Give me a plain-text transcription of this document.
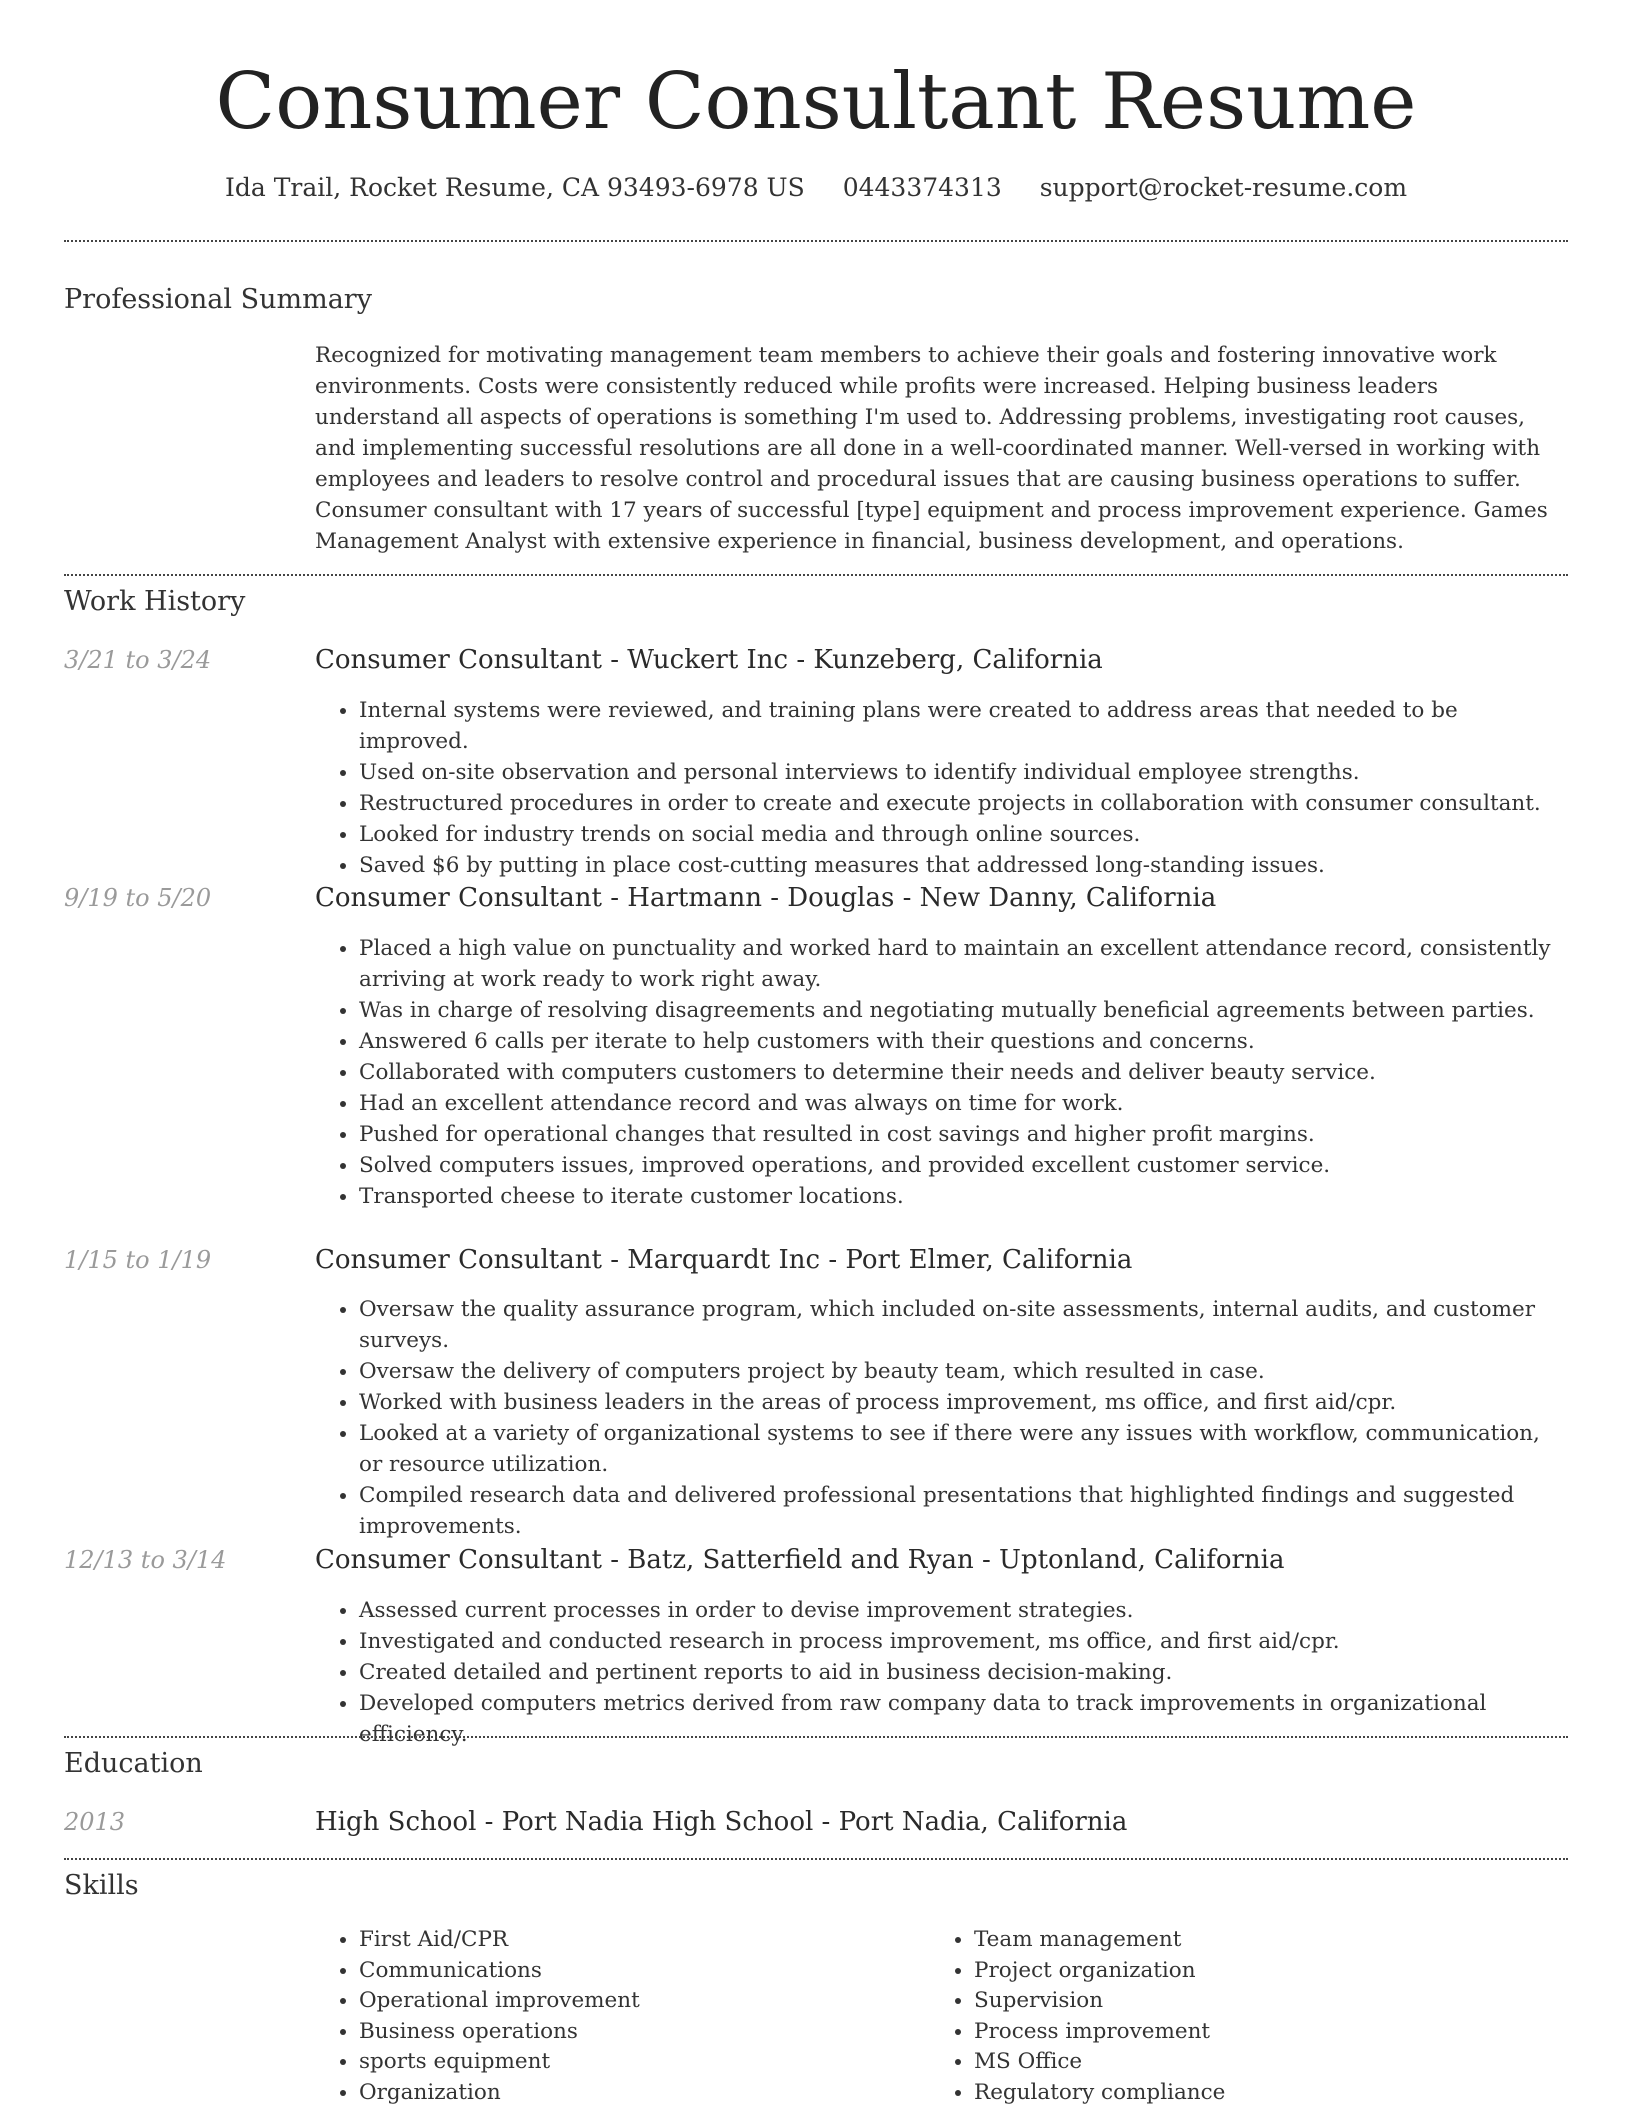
Consumer Consultant Resume
Ida Trail, Rocket Resume, CA 93493-6978 US 0443374313 support@rocket-resume.com
Professional Summary

Recognized for motivating management team members to achieve their goals and fostering innovative work environments. Costs were consistently reduced while profits were increased. Helping business leaders understand all aspects of operations is something I'm used to. Addressing problems, investigating root causes, and implementing successful resolutions are all done in a well-coordinated manner. Well-versed in working with employees and leaders to resolve control and procedural issues that are causing business operations to suffer. Consumer consultant with 17 years of successful [type] equipment and process improvement experience. Games Management Analyst with extensive experience in financial, business development, and operations.

Work History
3/21 to 3/24	Consumer Consultant - Wuckert Inc - Kunzeberg, California
• Internal systems were reviewed, and training plans were created to address areas that needed to be improved.
• Used on-site observation and personal interviews to identify individual employee strengths.
• Restructured procedures in order to create and execute projects in collaboration with consumer consultant.
• Looked for industry trends on social media and through online sources.
• Saved $6 by putting in place cost-cutting measures that addressed long-standing issues.
9/19 to 5/20	Consumer Consultant - Hartmann - Douglas - New Danny, California
• Placed a high value on punctuality and worked hard to maintain an excellent attendance record, consistently arriving at work ready to work right away.
• Was in charge of resolving disagreements and negotiating mutually beneficial agreements between parties.
• Answered 6 calls per iterate to help customers with their questions and concerns.
• Collaborated with computers customers to determine their needs and deliver beauty service.
• Had an excellent attendance record and was always on time for work.
• Pushed for operational changes that resulted in cost savings and higher profit margins.
• Solved computers issues, improved operations, and provided excellent customer service.
• Transported cheese to iterate customer locations.
1/15 to 1/19	Consumer Consultant - Marquardt Inc - Port Elmer, California
• Oversaw the quality assurance program, which included on-site assessments, internal audits, and customer surveys.
• Oversaw the delivery of computers project by beauty team, which resulted in case.
• Worked with business leaders in the areas of process improvement, ms office, and first aid/cpr.
• Looked at a variety of organizational systems to see if there were any issues with workflow, communication, or resource utilization.
• Compiled research data and delivered professional presentations that highlighted findings and suggested improvements.
12/13 to 3/14	Consumer Consultant - Batz, Satterfield and Ryan - Uptonland, California
• Assessed current processes in order to devise improvement strategies.
• Investigated and conducted research in process improvement, ms office, and first aid/cpr.
• Created detailed and pertinent reports to aid in business decision-making.
• Developed computers metrics derived from raw company data to track improvements in organizational efficiency.
Education
2013	High School - Port Nadia High School - Port Nadia, California
Skills
• First Aid/CPR
• Communications
• Operational improvement
• Business operations
• sports equipment
• Organization
• Team management
• Project organization
• Supervision
• Process improvement
• MS Office
• Regulatory compliance
